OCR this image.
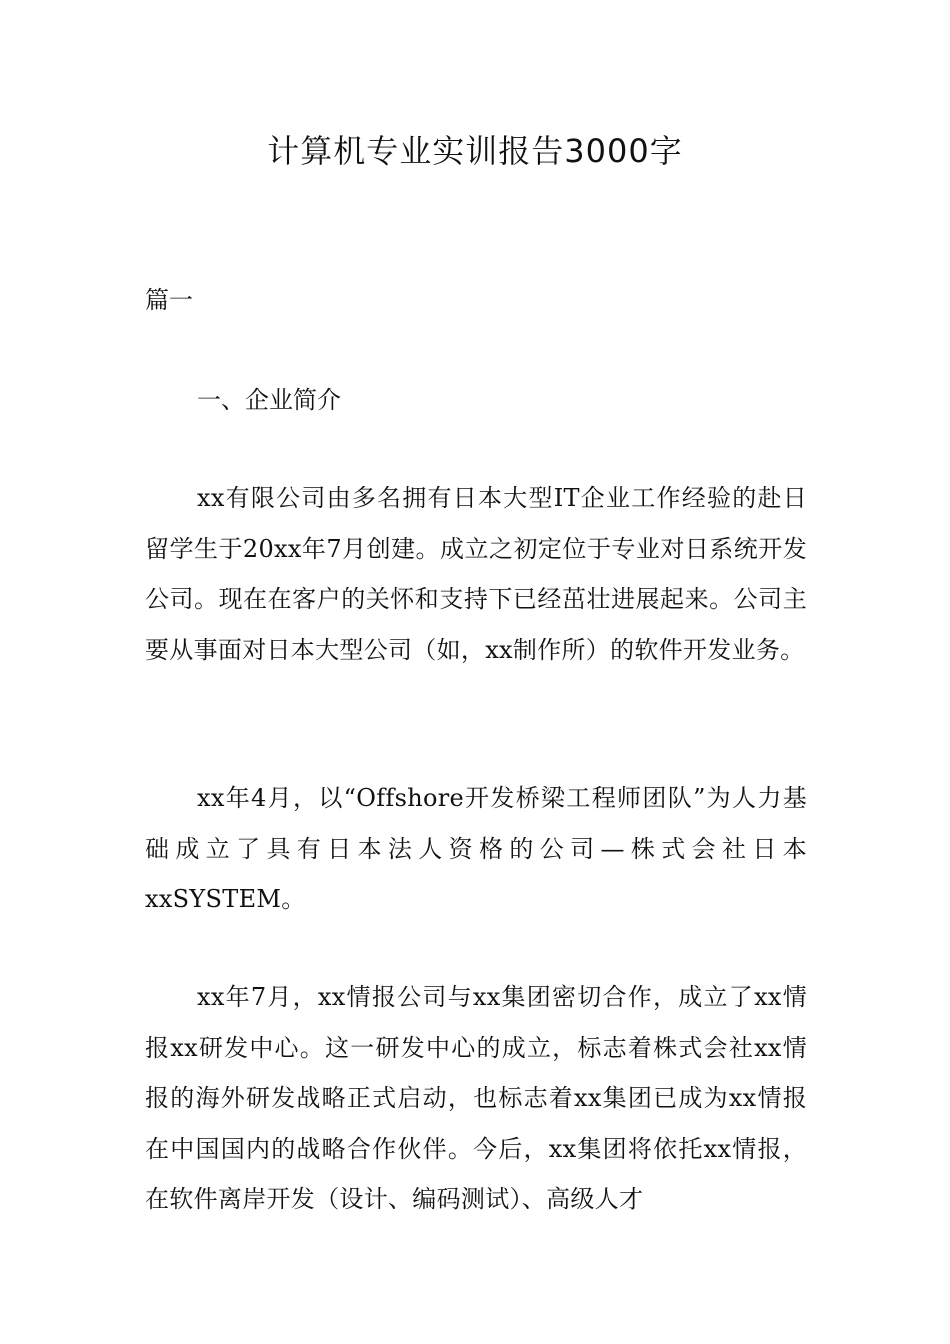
计算机专业实训报告3000字

篇一

一、企业简介

xx有限公司由多名拥有日本大型IT企业工作经验的赴日留学生于20xx年7月创建。成立之初定位于专业对日系统开发公司。现在在客户的关怀和支持下已经茁壮进展起来。公司主要从事面对日本大型公司（如，xx制作所）的软件开发业务。

xx年4月，以“Offshore开发桥梁工程师团队”为人力基础成立了具有日本法人资格的公司—株式会社日本xxSYSTEM。

xx年7月，xx情报公司与xx集团密切合作，成立了xx情报xx研发中心。这一研发中心的成立，标志着株式会社xx情报的海外研发战略正式启动，也标志着xx集团已成为xx情报在中国国内的战略合作伙伴。今后，xx集团将依托xx情报，在软件离岸开发（设计、编码测试）、高级人才
